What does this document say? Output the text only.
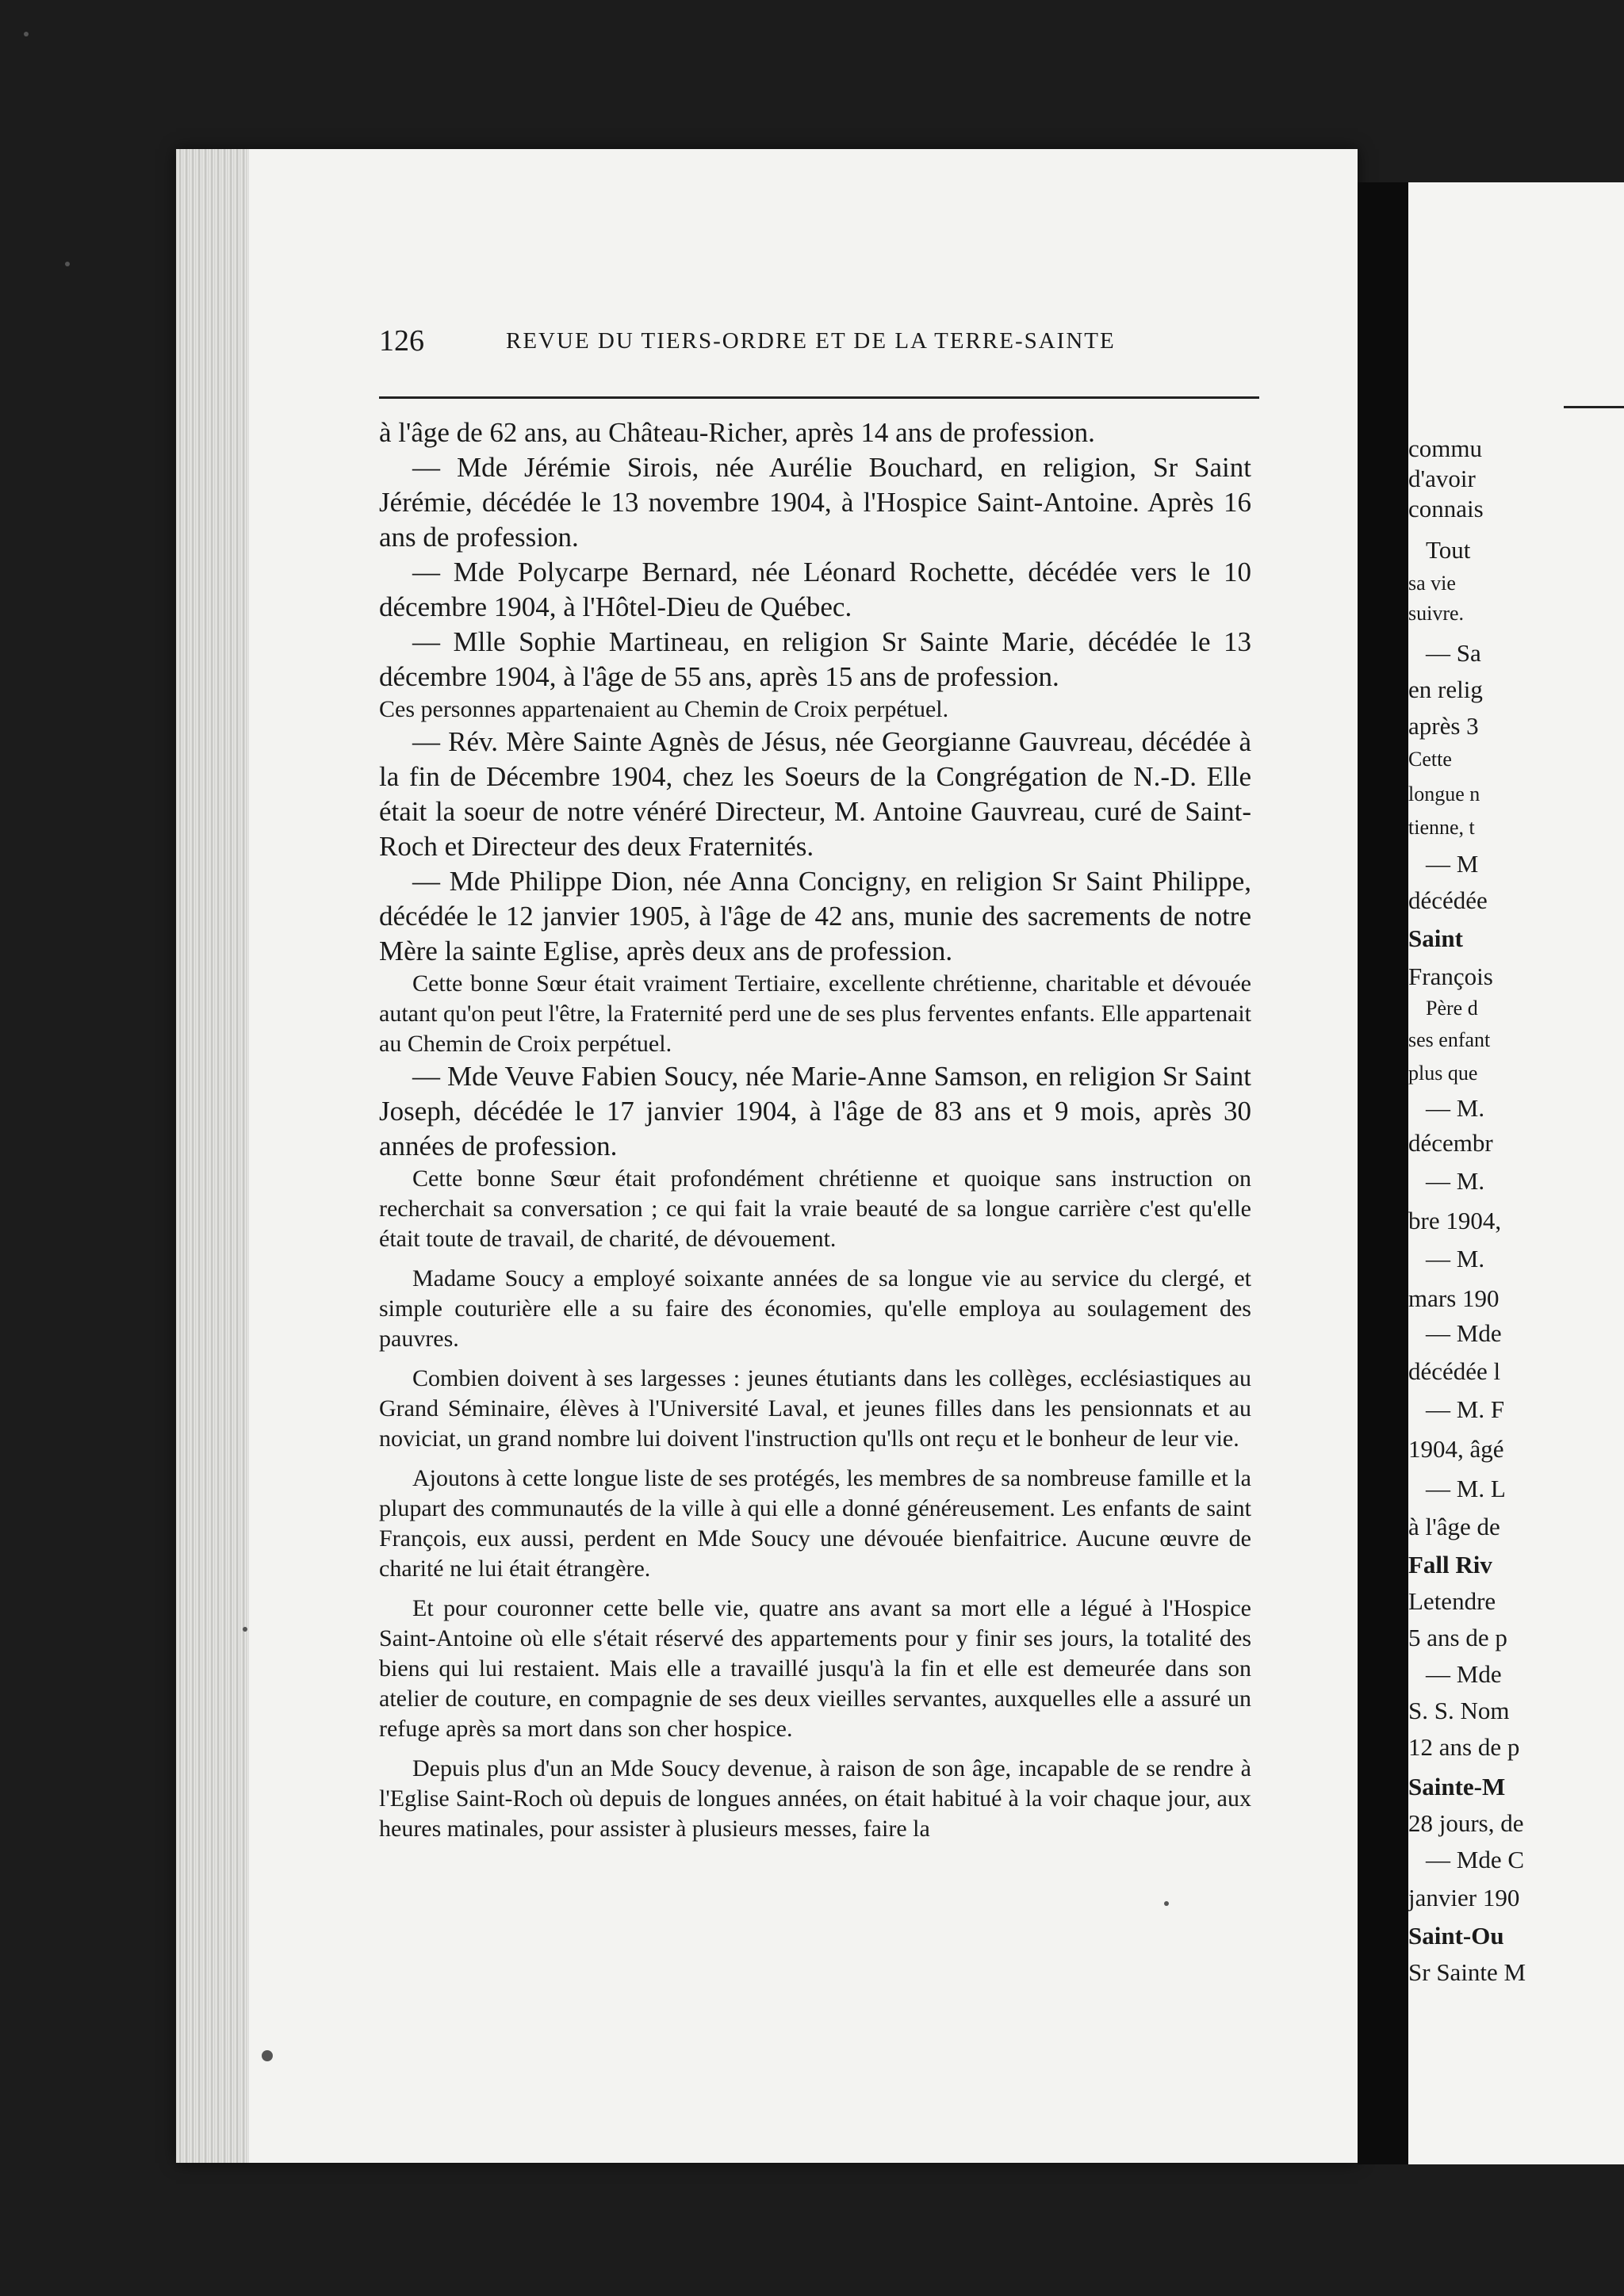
126	REVUE DU TIERS-ORDRE ET DE LA TERRE-SAINTE

à l'âge de 62 ans, au Château-Richer, après 14 ans de profession.

— Mde Jérémie Sirois, née Aurélie Bouchard, en religion, Sr Saint Jérémie, décédée le 13 novembre 1904, à l'Hospice Saint-Antoine. Après 16 ans de profession.

— Mde Polycarpe Bernard, née Léonard Rochette, décédée vers le 10 décembre 1904, à l'Hôtel-Dieu de Québec.

— Mlle Sophie Martineau, en religion Sr Sainte Marie, décédée le 13 décembre 1904, à l'âge de 55 ans, après 15 ans de profession.

Ces personnes appartenaient au Chemin de Croix perpétuel.

— Rév. Mère Sainte Agnès de Jésus, née Georgianne Gauvreau, décédée à la fin de Décembre 1904, chez les Soeurs de la Congrégation de N.-D. Elle était la soeur de notre vénéré Directeur, M. Antoine Gauvreau, curé de Saint-Roch et Directeur des deux Fraternités.

— Mde Philippe Dion, née Anna Concigny, en religion Sr Saint Philippe, décédée le 12 janvier 1905, à l'âge de 42 ans, munie des sacrements de notre Mère la sainte Eglise, après deux ans de profession.

Cette bonne Sœur était vraiment Tertiaire, excellente chrétienne, charitable et dévouée autant qu'on peut l'être, la Fraternité perd une de ses plus ferventes enfants. Elle appartenait au Chemin de Croix perpétuel.

— Mde Veuve Fabien Soucy, née Marie-Anne Samson, en religion Sr Saint Joseph, décédée le 17 janvier 1904, à l'âge de 83 ans et 9 mois, après 30 années de profession.

Cette bonne Sœur était profondément chrétienne et quoique sans instruction on recherchait sa conversation ; ce qui fait la vraie beauté de sa longue carrière c'est qu'elle était toute de travail, de charité, de dévouement.

Madame Soucy a employé soixante années de sa longue vie au service du clergé, et simple couturière elle a su faire des économies, qu'elle employa au soulagement des pauvres.

Combien doivent à ses largesses : jeunes étutiants dans les collèges, ecclésiastiques au Grand Séminaire, élèves à l'Université Laval, et jeunes filles dans les pensionnats et au noviciat, un grand nombre lui doivent l'instruction qu'lls ont reçu et le bonheur de leur vie.

Ajoutons à cette longue liste de ses protégés, les membres de sa nombreuse famille et la plupart des communautés de la ville à qui elle a donné généreusement. Les enfants de saint François, eux aussi, perdent en Mde Soucy une dévouée bienfaitrice. Aucune œuvre de charité ne lui était étrangère.

Et pour couronner cette belle vie, quatre ans avant sa mort elle a légué à l'Hospice Saint-Antoine où elle s'était réservé des appartements pour y finir ses jours, la totalité des biens qui lui restaient. Mais elle a travaillé jusqu'à la fin et elle est demeurée dans son atelier de couture, en compagnie de ses deux vieilles servantes, auxquelles elle a assuré un refuge après sa mort dans son cher hospice.

Depuis plus d'un an Mde Soucy devenue, à raison de son âge, incapable de se rendre à l'Eglise Saint-Roch où depuis de longues années, on était habitué à la voir chaque jour, aux heures matinales, pour assister à plusieurs messes, faire la

commu
d'avoir
connais
Tout
sa vie
suivre.
— Sa
en relig
après 3
Cette
longue n
tienne, t
— M
décédée
Saint
François
Père d
ses enfant
plus que
— M.
décembr
— M.
bre 1904,
— M.
mars 190
— Mde
décédée l
— M. F
1904, âgé
— M. L
à l'âge de
Fall Riv
Letendre
5 ans de p
— Mde
S. S. Nom
12 ans de p
Sainte-M
28 jours, de
— Mde C
janvier 190
Saint-Ou
Sr Sainte M
